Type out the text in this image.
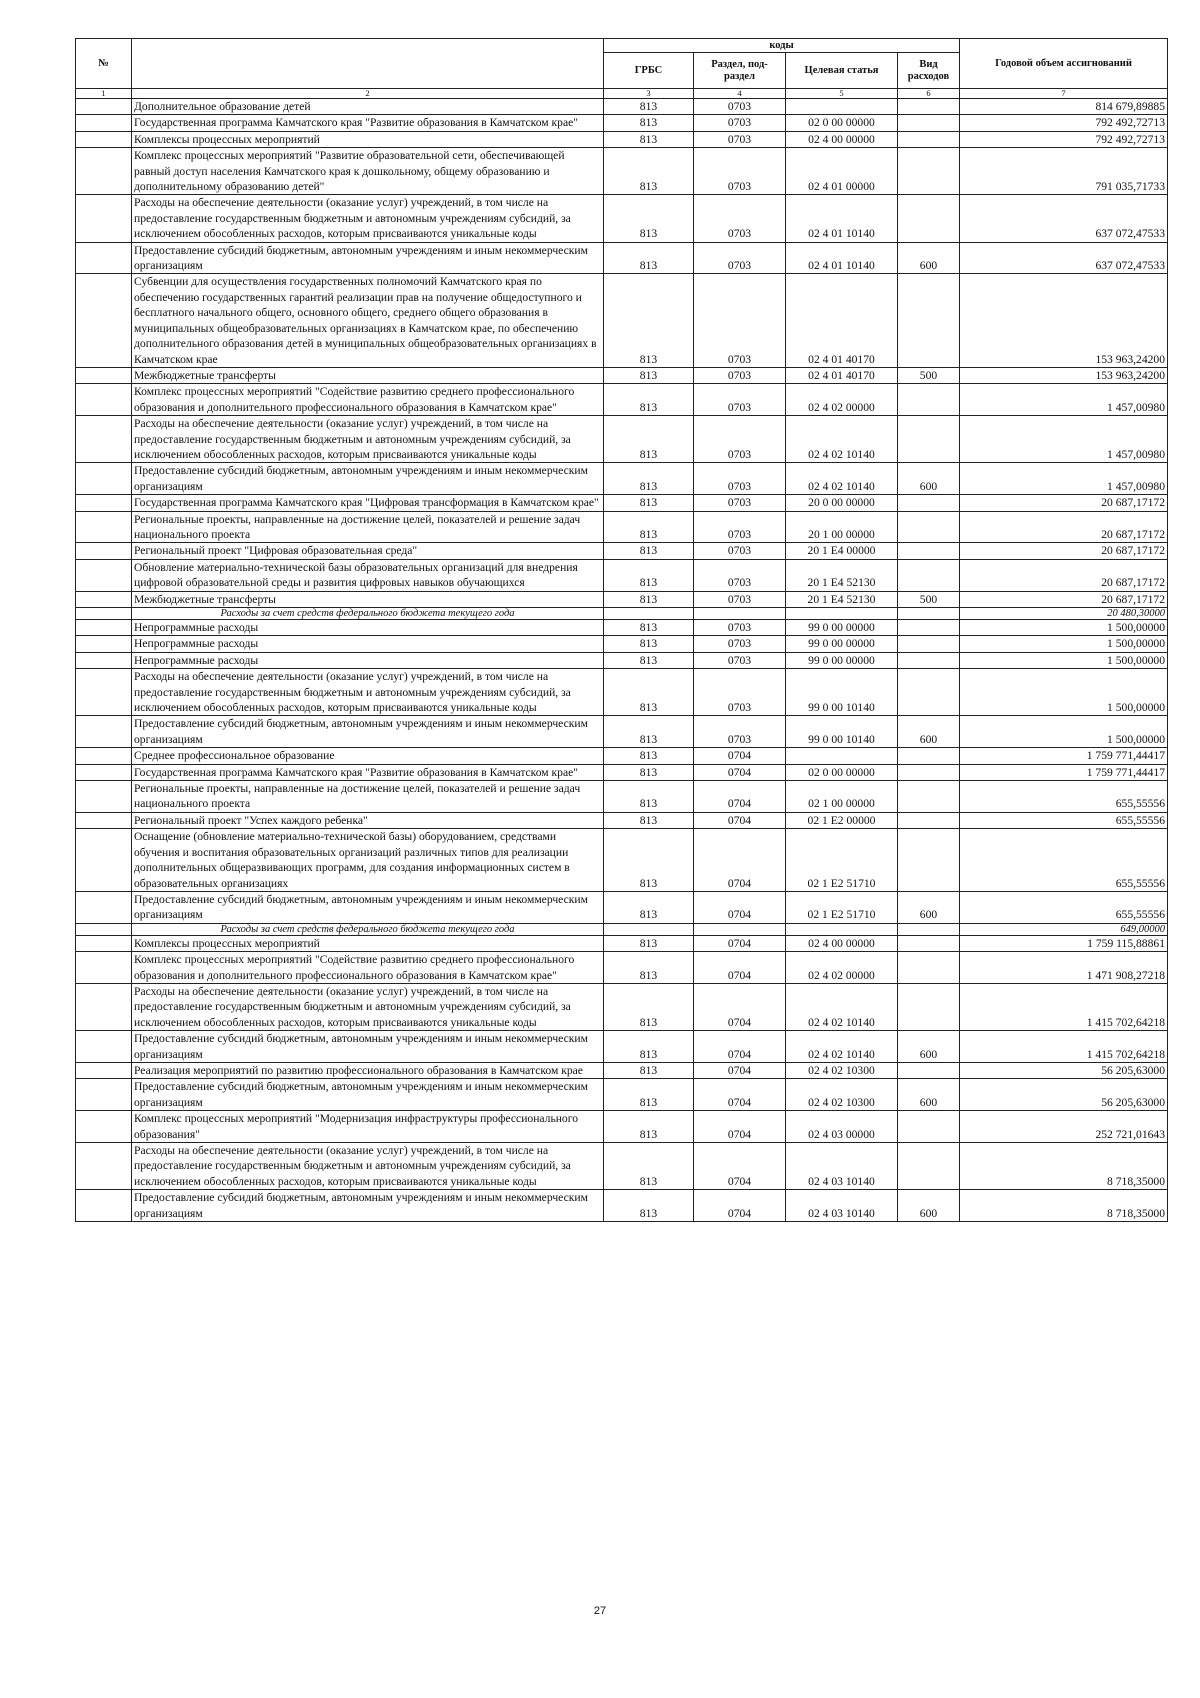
№		коды				Годовой объем ассигнований
		ГРБС	Раздел, под-раздел	Целевая статья	Вид расходов	
1	2	3	4	5	6	7
	Дополнительное образование детей	813	0703			814 679,89885
	Государственная программа Камчатского края "Развитие образования в Камчатском крае"	813	0703	02 0 00 00000		792 492,72713
	Комплексы процессных мероприятий	813	0703	02 4 00 00000		792 492,72713
	Комплекс процессных мероприятий "Развитие образовательной сети, обеспечивающей равный доступ населения Камчатского края к дошкольному, общему образованию и дополнительному образованию детей"	813	0703	02 4 01 00000		791 035,71733
	Расходы на обеспечение деятельности (оказание услуг) учреждений, в том числе на предоставление государственным бюджетным и автономным учреждениям субсидий, за исключением обособленных расходов, которым присваиваются уникальные коды	813	0703	02 4 01 10140		637 072,47533
	Предоставление субсидий бюджетным, автономным учреждениям и иным некоммерческим организациям	813	0703	02 4 01 10140	600	637 072,47533
	Субвенции для осуществления государственных полномочий Камчатского края по обеспечению государственных гарантий реализации прав на получение общедоступного и бесплатного начального общего, основного общего, среднего общего образования в муниципальных общеобразовательных организациях в Камчатском крае, по обеспечению дополнительного образования детей в муниципальных общеобразовательных организациях в Камчатском крае	813	0703	02 4 01 40170		153 963,24200
	Межбюджетные трансферты	813	0703	02 4 01 40170	500	153 963,24200
	Комплекс процессных мероприятий "Содействие развитию среднего профессионального образования и дополнительного профессионального образования в Камчатском крае"	813	0703	02 4 02 00000		1 457,00980
	Расходы на обеспечение деятельности (оказание услуг) учреждений, в том числе на предоставление государственным бюджетным и автономным учреждениям субсидий, за исключением обособленных расходов, которым присваиваются уникальные коды	813	0703	02 4 02 10140		1 457,00980
	Предоставление субсидий бюджетным, автономным учреждениям и иным некоммерческим организациям	813	0703	02 4 02 10140	600	1 457,00980
	Государственная программа Камчатского края "Цифровая трансформация в Камчатском крае"	813	0703	20 0 00 00000		20 687,17172
	Региональные проекты, направленные на достижение целей, показателей и решение задач национального проекта	813	0703	20 1 00 00000		20 687,17172
	Региональный проект "Цифровая образовательная среда"	813	0703	20 1 E4 00000		20 687,17172
	Обновление материально-технической базы образовательных организаций для внедрения цифровой образовательной среды и развития цифровых навыков обучающихся	813	0703	20 1 E4 52130		20 687,17172
	Межбюджетные трансферты	813	0703	20 1 E4 52130	500	20 687,17172
	Расходы за счет средств федерального бюджета текущего года					20 480,30000
	Непрограммные расходы	813	0703	99 0 00 00000		1 500,00000
	Непрограммные расходы	813	0703	99 0 00 00000		1 500,00000
	Непрограммные расходы	813	0703	99 0 00 00000		1 500,00000
	Расходы на обеспечение деятельности (оказание услуг) учреждений, в том числе на предоставление государственным бюджетным и автономным учреждениям субсидий, за исключением обособленных расходов, которым присваиваются уникальные коды	813	0703	99 0 00 10140		1 500,00000
	Предоставление субсидий бюджетным, автономным учреждениям и иным некоммерческим организациям	813	0703	99 0 00 10140	600	1 500,00000
	Среднее профессиональное образование	813	0704			1 759 771,44417
	Государственная программа Камчатского края "Развитие образования в Камчатском крае"	813	0704	02 0 00 00000		1 759 771,44417
	Региональные проекты, направленные на достижение целей, показателей и решение задач национального проекта	813	0704	02 1 00 00000		655,55556
	Региональный проект "Успех каждого ребенка"	813	0704	02 1 E2 00000		655,55556
	Оснащение (обновление материально-технической базы) оборудованием, средствами обучения и воспитания образовательных организаций различных типов для реализации дополнительных общеразвивающих программ, для создания информационных систем в образовательных организациях	813	0704	02 1 E2 51710		655,55556
	Предоставление субсидий бюджетным, автономным учреждениям и иным некоммерческим организациям	813	0704	02 1 E2 51710	600	655,55556
	Расходы за счет средств федерального бюджета текущего года					649,00000
	Комплексы процессных мероприятий	813	0704	02 4 00 00000		1 759 115,88861
	Комплекс процессных мероприятий "Содействие развитию среднего профессионального образования и дополнительного профессионального образования в Камчатском крае"	813	0704	02 4 02 00000		1 471 908,27218
	Расходы на обеспечение деятельности (оказание услуг) учреждений, в том числе на предоставление государственным бюджетным и автономным учреждениям субсидий, за исключением обособленных расходов, которым присваиваются уникальные коды	813	0704	02 4 02 10140		1 415 702,64218
	Предоставление субсидий бюджетным, автономным учреждениям и иным некоммерческим организациям	813	0704	02 4 02 10140	600	1 415 702,64218
	Реализация мероприятий по развитию профессионального образования в Камчатском крае	813	0704	02 4 02 10300		56 205,63000
	Предоставление субсидий бюджетным, автономным учреждениям и иным некоммерческим организациям	813	0704	02 4 02 10300	600	56 205,63000
	Комплекс процессных мероприятий "Модернизация инфраструктуры профессионального образования"	813	0704	02 4 03 00000		252 721,01643
	Расходы на обеспечение деятельности (оказание услуг) учреждений, в том числе на предоставление государственным бюджетным и автономным учреждениям субсидий, за исключением обособленных расходов, которым присваиваются уникальные коды	813	0704	02 4 03 10140		8 718,35000
	Предоставление субсидий бюджетным, автономным учреждениям и иным некоммерческим организациям	813	0704	02 4 03 10140	600	8 718,35000
27
